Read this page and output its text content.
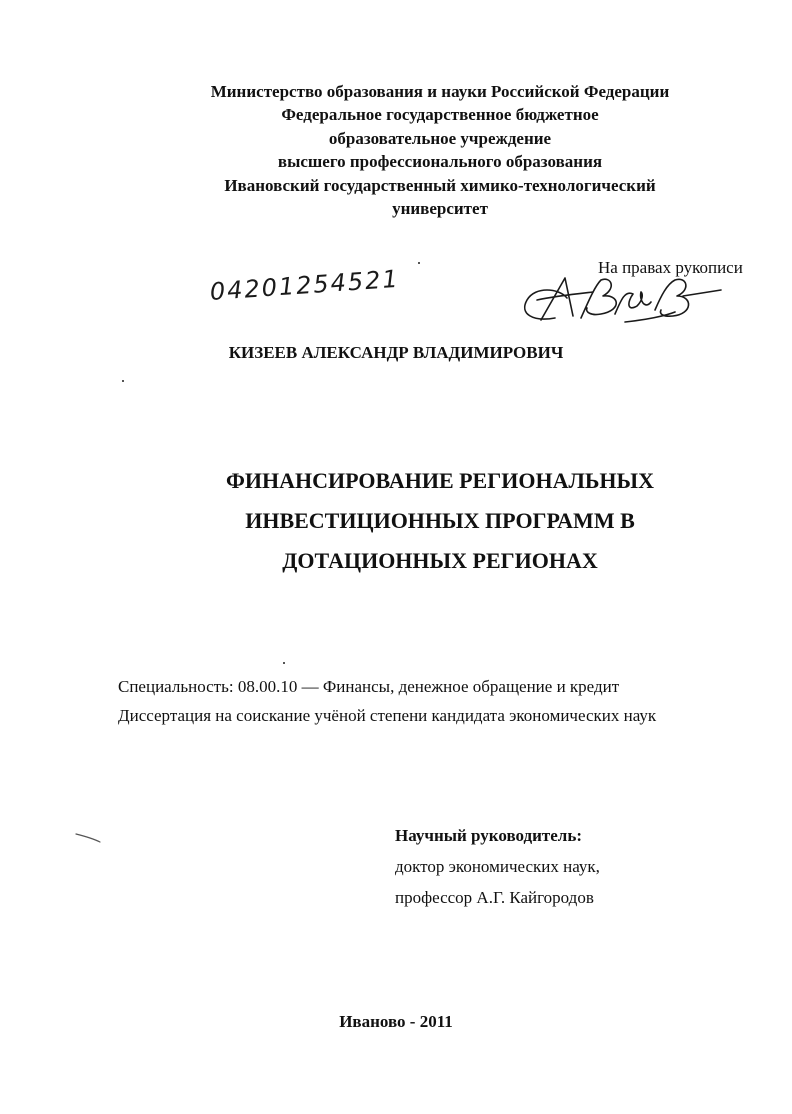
Министерство образования и науки Российской Федерации
Федеральное государственное бюджетное
образовательное учреждение
высшего профессионального образования
Ивановский государственный химико-технологический
университет
04201254521	На правах рукописи
КИЗЕЕВ АЛЕКСАНДР ВЛАДИМИРОВИЧ
ФИНАНСИРОВАНИЕ РЕГИОНАЛЬНЫХ
ИНВЕСТИЦИОННЫХ ПРОГРАММ В
ДОТАЦИОННЫХ РЕГИОНАХ
Специальность: 08.00.10 — Финансы, денежное обращение и кредит
Диссертация на соискание учёной степени кандидата экономических наук
Научный руководитель:
доктор экономических наук,
профессор А.Г. Кайгородов
Иваново - 2011
